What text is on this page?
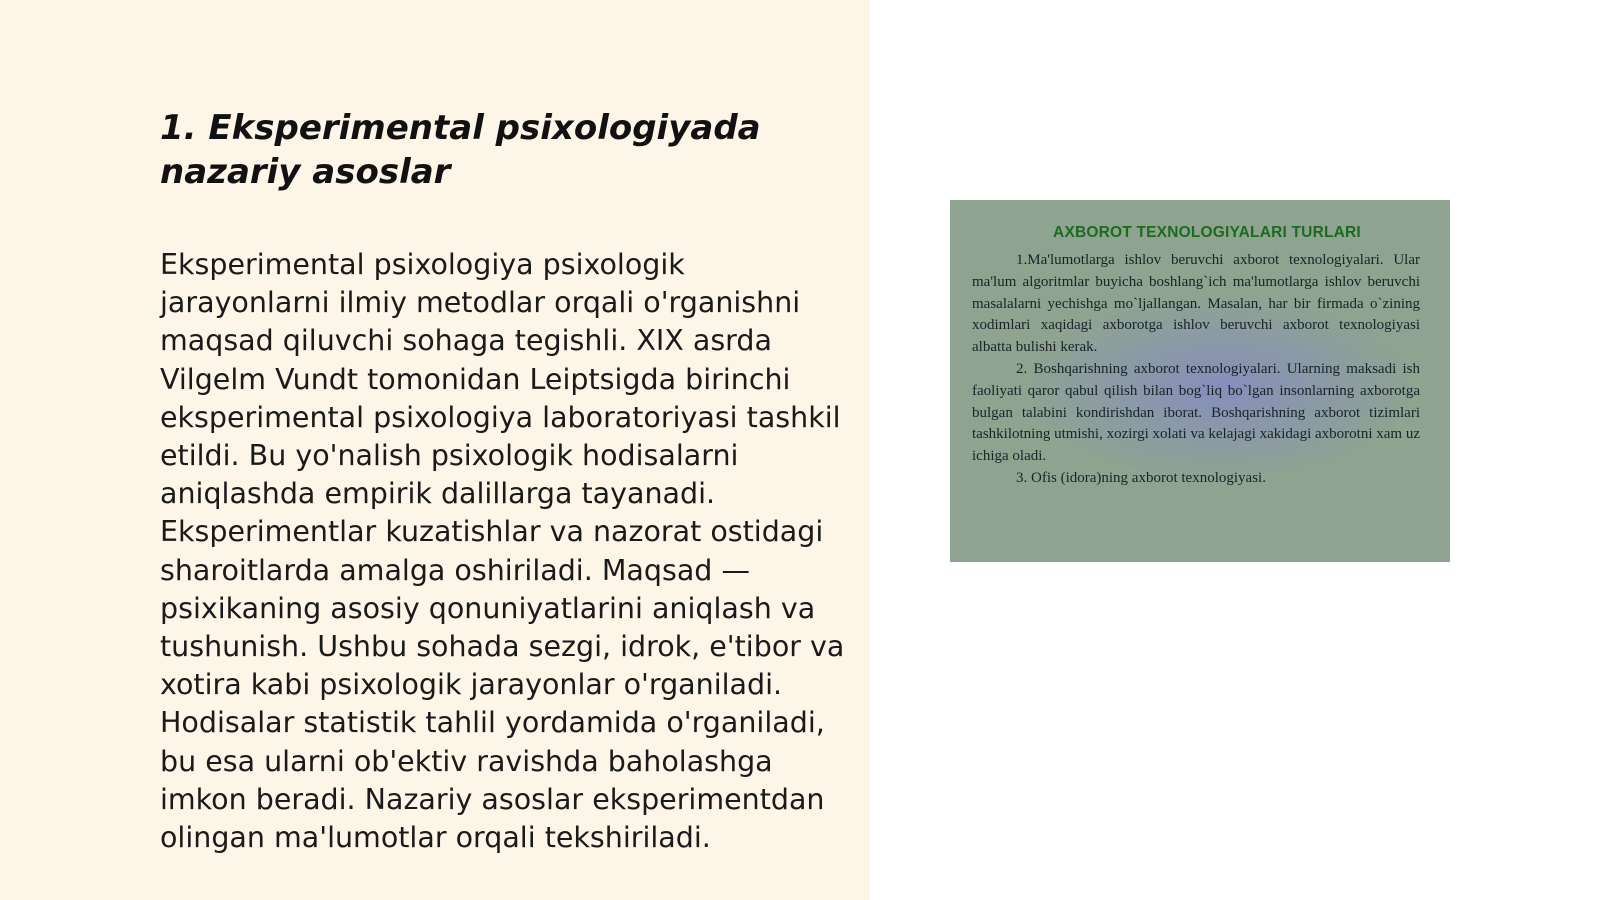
1. Eksperimental psixologiyada nazariy asoslar

Eksperimental psixologiya psixologik jarayonlarni ilmiy metodlar orqali o'rganishni maqsad qiluvchi sohaga tegishli. XIX asrda Vilgelm Vundt tomonidan Leiptsigda birinchi eksperimental psixologiya laboratoriyasi tashkil etildi. Bu yo'nalish psixologik hodisalarni aniqlashda empirik dalillarga tayanadi. Eksperimentlar kuzatishlar va nazorat ostidagi sharoitlarda amalga oshiriladi. Maqsad — psixikaning asosiy qonuniyatlarini aniqlash va tushunish. Ushbu sohada sezgi, idrok, e'tibor va xotira kabi psixologik jarayonlar o'rganiladi. Hodisalar statistik tahlil yordamida o'rganiladi, bu esa ularni ob'ektiv ravishda baholashga imkon beradi. Nazariy asoslar eksperimentdan olingan ma'lumotlar orqali tekshiriladi.

AXBOROT TEXNOLOGIYALARI TURLARI

1.Ma'lumotlarga ishlov beruvchi axborot texnologiyalari. Ular ma'lum algoritmlar buyicha boshlang`ich ma'lumotlarga ishlov beruvchi masalalarni yechishga mo`ljallangan. Masalan, har bir firmada o`zining xodimlari xaqidagi axborotga ishlov beruvchi axborot texnologiyasi albatta bulishi kerak.

2. Boshqarishning axborot texnologiyalari. Ularning maksadi ish faoliyati qaror qabul qilish bilan bog`liq bo`lgan insonlarning axborotga bulgan talabini kondirishdan iborat. Boshqarishning axborot tizimlari tashkilotning utmishi, xozirgi xolati va kelajagi xakidagi axborotni xam uz ichiga oladi.

3. Ofis (idora)ning axborot texnologiyasi.
